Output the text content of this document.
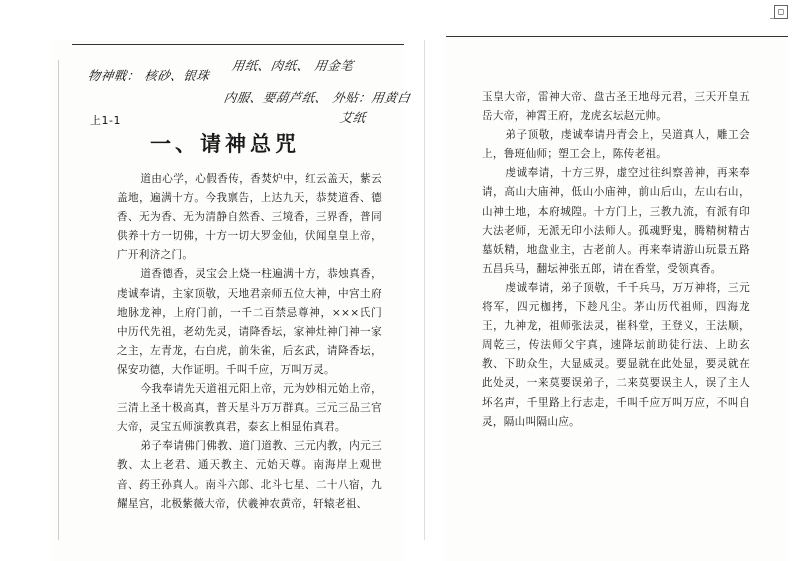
◻
物神戰： 核砂、银珠
用纸、肉纸、 用金笔
内服、要葫芦纸、 外贴：用黄白
艾纸
上1-1
一、请神总咒

道由心学，心假香传，香焚炉中，红云盖天，紫云盖地，遍满十方。今我禀告，上达九天，恭焚道香、德香、无为香、无为清静自然香、三境香，三界香，普同供养十方一切佛，十方一切大罗金仙，伏闻皇皇上帝，广开利济之门。

道香德香，灵宝会上烧一柱遍满十方，恭烛真香，虔诚奉请，主家顶敬，天地君亲师五位大神，中宫土府地脉龙神，上府门前，一千二百禁忌尊神，×××氏门中历代先祖，老幼先灵，请降香坛，家神灶神门神一家之主，左青龙，右白虎，前朱雀，后玄武，请降香坛，保安功德，大作证明。千叫千应，万叫万灵。

今我奉请先天道祖元阳上帝，元为妙相元始上帝，三清上圣十极高真，普天星斗万万群真。三元三品三官大帝，灵宝五师演教真君，泰玄上相显佑真君。

弟子奉请佛门佛教、道门道教、三元内教，内元三教、太上老君、通天教主、元始天尊。南海岸上观世音、药王孙真人。南斗六郎、北斗七星、二十八宿，九耀星宫，北极紫薇大帝，伏羲神农黄帝，轩辕老祖、

玉皇大帝，雷神大帝、盘古圣王地母元君，三天开皇五岳大帝，神霄王府，龙虎玄坛赵元帅。

弟子顶敬，虔诚奉请丹青会上，吴道真人，雕工会上，鲁班仙师；塑工会上，陈传老祖。

虔诚奉请，十方三界，虚空过往纠察善神，再来奉请，高山大庙神，低山小庙神，前山后山，左山右山，山神土地，本府城隍。十方门上，三教九流，有派有印大法老师，无派无印小法师人。孤魂野鬼，腾精树精古墓妖精，地盘业主，古老前人。再来奉请游山玩景五路五昌兵马，翻坛神张五郎，请在香堂，受领真香。

虔诚奉请，弟子顶敬，千千兵马，万万神将，三元将军，四元枷拷，下趁凡尘。茅山历代祖师，四海龙王，九神龙，祖师张法灵，崔科堂，王登义，王法顺，周乾三，传法师父宇真，速降坛前助徒行法、上助玄教、下助众生，大显威灵。要显就在此处显，要灵就在此处灵，一来莫要误弟子，二来莫要误主人，误了主人坏名声，千里路上行志走，千叫千应万叫万应，不叫自灵，隔山叫隔山应。
